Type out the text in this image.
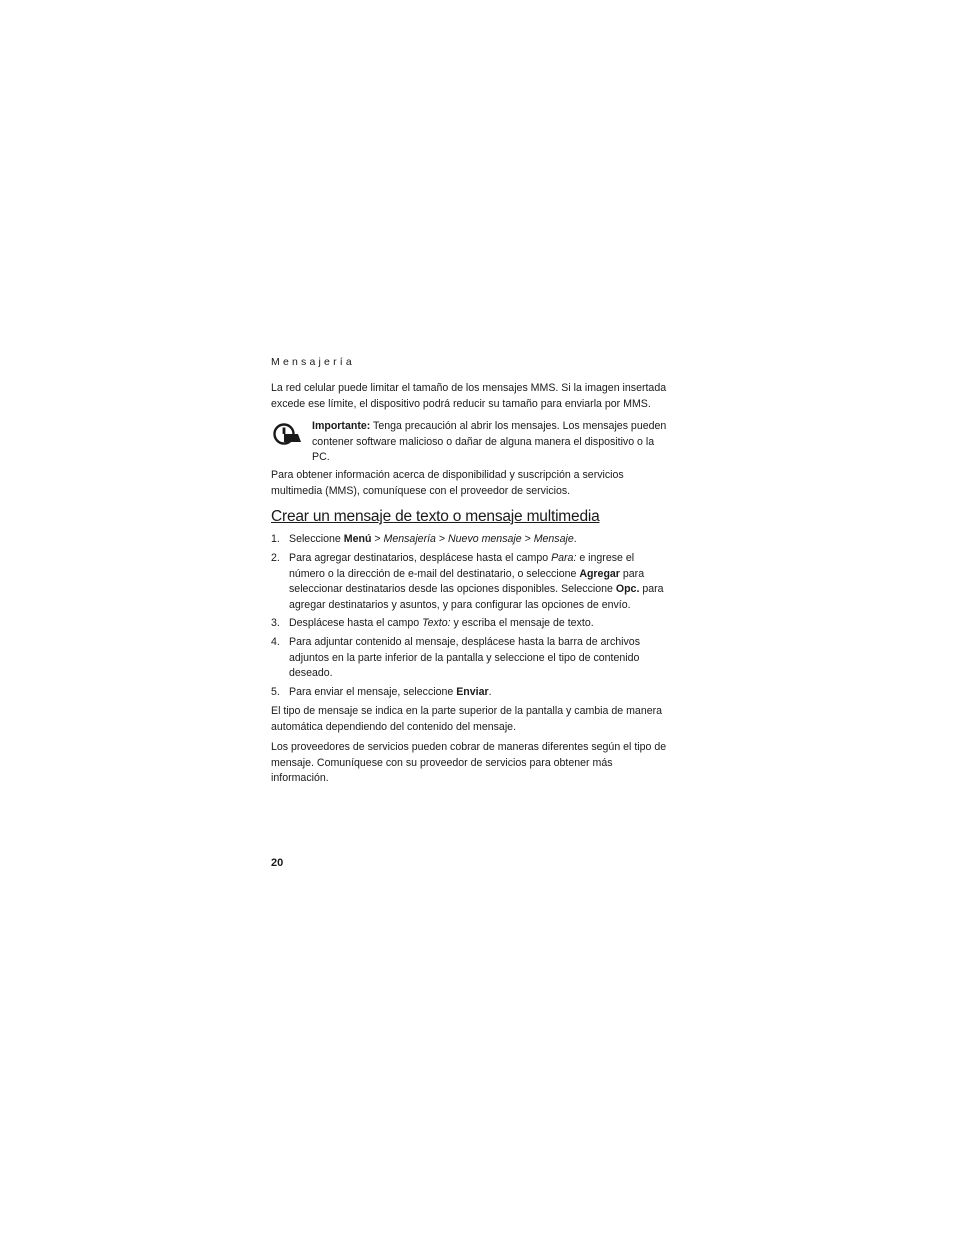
Mensajería

La red celular puede limitar el tamaño de los mensajes MMS. Si la imagen insertada excede ese límite, el dispositivo podrá reducir su tamaño para enviarla por MMS.

Importante: Tenga precaución al abrir los mensajes. Los mensajes pueden contener software malicioso o dañar de alguna manera el dispositivo o la PC.

Para obtener información acerca de disponibilidad y suscripción a servicios multimedia (MMS), comuníquese con el proveedor de servicios.

Crear un mensaje de texto o mensaje multimedia
1. Seleccione Menú > Mensajería > Nuevo mensaje > Mensaje.
2. Para agregar destinatarios, desplácese hasta el campo Para: e ingrese el número o la dirección de e-mail del destinatario, o seleccione Agregar para seleccionar destinatarios desde las opciones disponibles. Seleccione Opc. para agregar destinatarios y asuntos, y para configurar las opciones de envío.
3. Desplácese hasta el campo Texto: y escriba el mensaje de texto.
4. Para adjuntar contenido al mensaje, desplácese hasta la barra de archivos adjuntos en la parte inferior de la pantalla y seleccione el tipo de contenido deseado.
5. Para enviar el mensaje, seleccione Enviar.

El tipo de mensaje se indica en la parte superior de la pantalla y cambia de manera automática dependiendo del contenido del mensaje.

Los proveedores de servicios pueden cobrar de maneras diferentes según el tipo de mensaje. Comuníquese con su proveedor de servicios para obtener más información.

20
